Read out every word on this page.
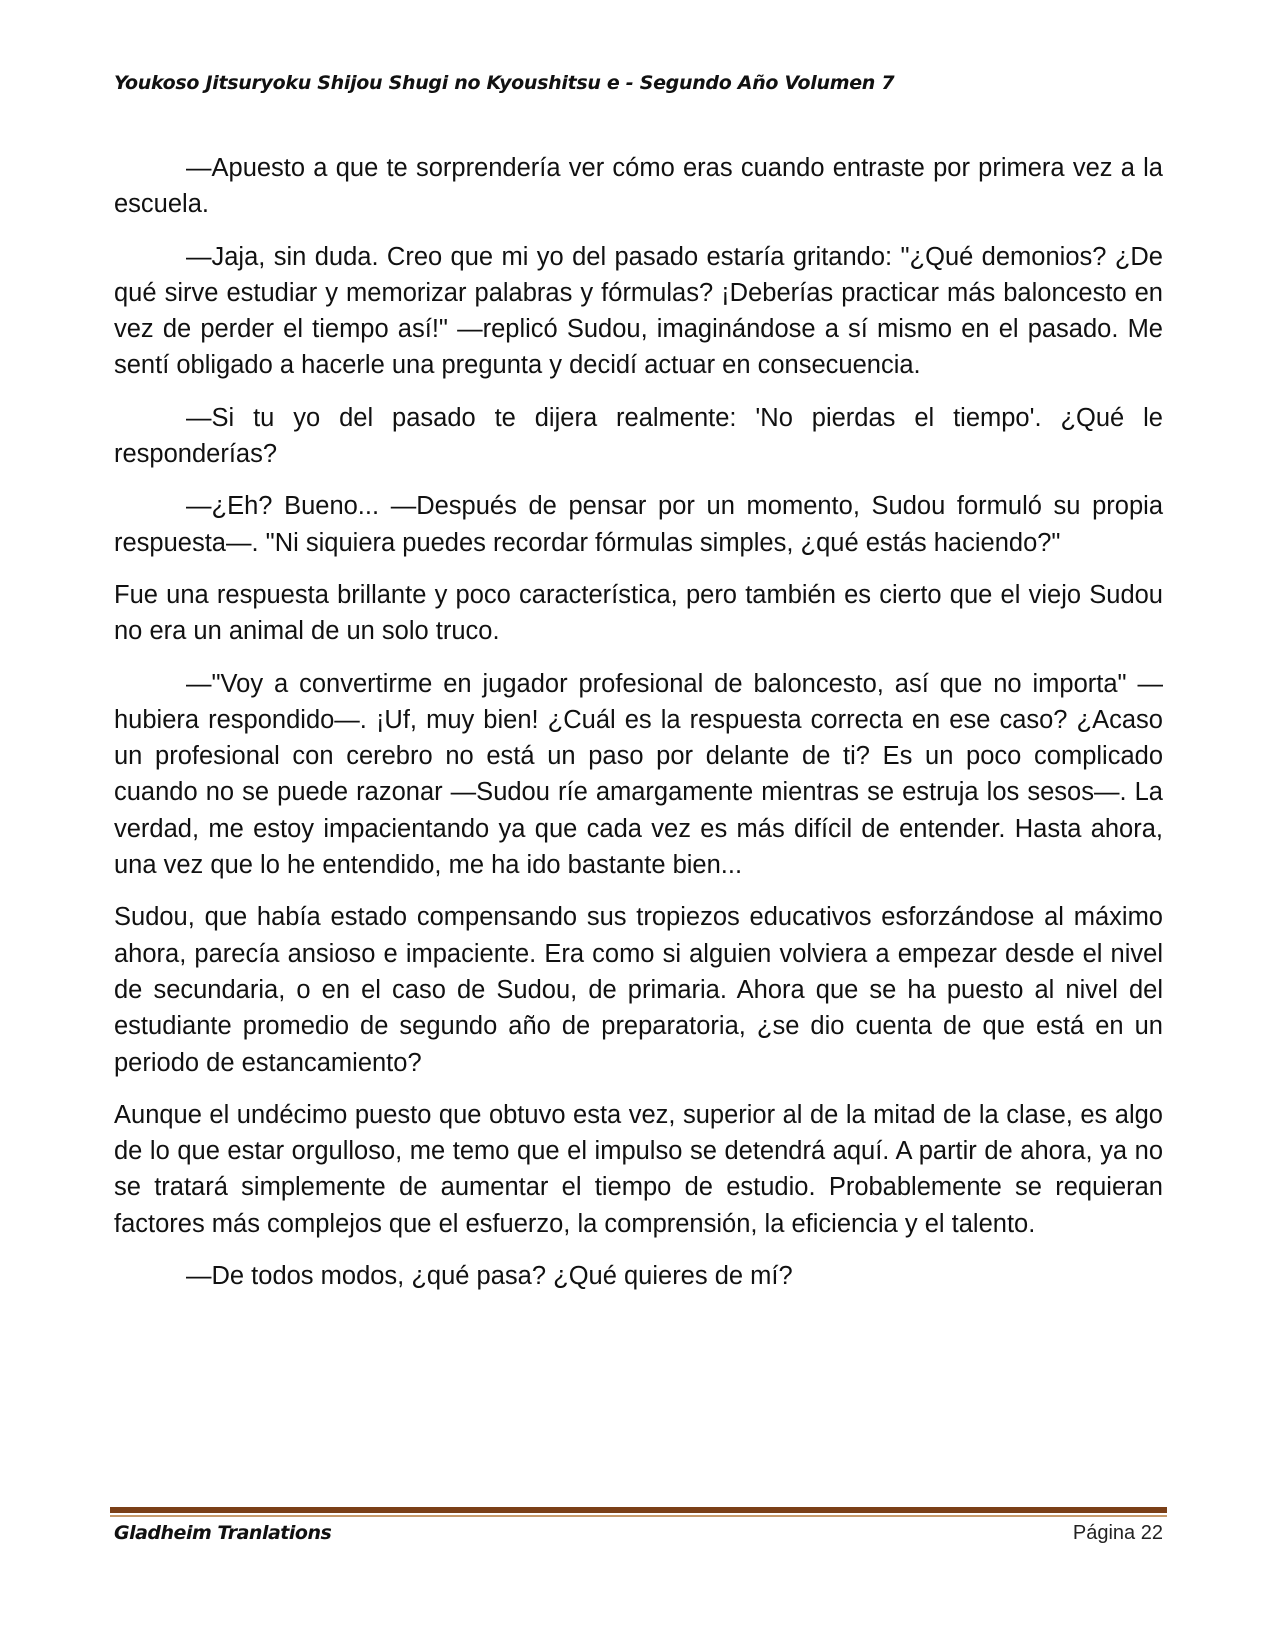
Youkoso Jitsuryoku Shijou Shugi no Kyoushitsu e - Segundo Año Volumen 7

—Apuesto a que te sorprendería ver cómo eras cuando entraste por primera vez a la escuela.

—Jaja, sin duda. Creo que mi yo del pasado estaría gritando: "¿Qué demonios? ¿De qué sirve estudiar y memorizar palabras y fórmulas? ¡Deberías practicar más baloncesto en vez de perder el tiempo así!" —replicó Sudou, imaginándose a sí mismo en el pasado. Me sentí obligado a hacerle una pregunta y decidí actuar en consecuencia.

—Si tu yo del pasado te dijera realmente: 'No pierdas el tiempo'. ¿Qué le responderías?

—¿Eh? Bueno... —Después de pensar por un momento, Sudou formuló su propia respuesta—. "Ni siquiera puedes recordar fórmulas simples, ¿qué estás haciendo?"

Fue una respuesta brillante y poco característica, pero también es cierto que el viejo Sudou no era un animal de un solo truco.

—"Voy a convertirme en jugador profesional de baloncesto, así que no importa" —hubiera respondido—. ¡Uf, muy bien! ¿Cuál es la respuesta correcta en ese caso? ¿Acaso un profesional con cerebro no está un paso por delante de ti? Es un poco complicado cuando no se puede razonar —Sudou ríe amargamente mientras se estruja los sesos—. La verdad, me estoy impacientando ya que cada vez es más difícil de entender. Hasta ahora, una vez que lo he entendido, me ha ido bastante bien...

Sudou, que había estado compensando sus tropiezos educativos esforzándose al máximo ahora, parecía ansioso e impaciente. Era como si alguien volviera a empezar desde el nivel de secundaria, o en el caso de Sudou, de primaria. Ahora que se ha puesto al nivel del estudiante promedio de segundo año de preparatoria, ¿se dio cuenta de que está en un periodo de estancamiento?

Aunque el undécimo puesto que obtuvo esta vez, superior al de la mitad de la clase, es algo de lo que estar orgulloso, me temo que el impulso se detendrá aquí. A partir de ahora, ya no se tratará simplemente de aumentar el tiempo de estudio. Probablemente se requieran factores más complejos que el esfuerzo, la comprensión, la eficiencia y el talento.

—De todos modos, ¿qué pasa? ¿Qué quieres de mí?

Gladheim Tranlations	Página 22
